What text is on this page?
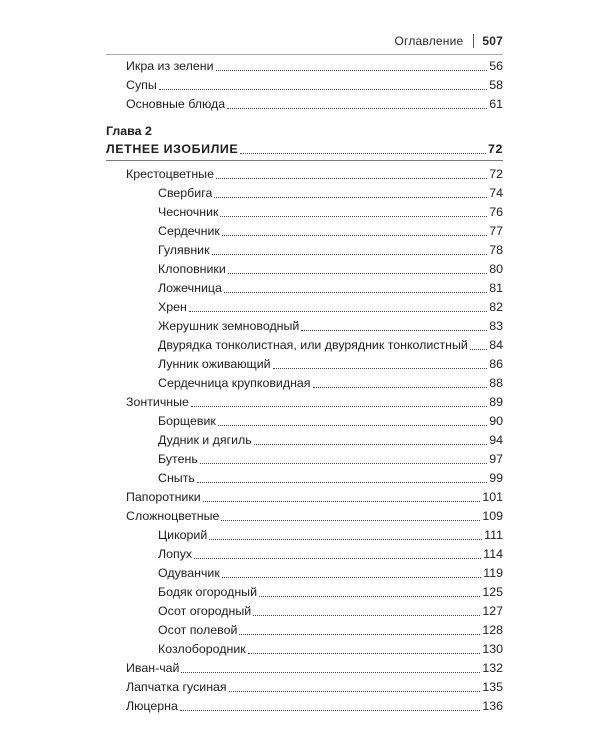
Оглавление 507
Икра из зелени	56
Супы	58
Основные блюда	61
Глава 2
ЛЕТНЕЕ ИЗОБИЛИЕ	72
Крестоцветные	72
Свербига	74
Чесночник	76
Сердечник	77
Гулявник	78
Клоповники	80
Ложечница	81
Хрен	82
Жерушник земноводный	83
Двурядка тонколистная, или двурядник тонколистный 84
Лунник оживающий	86
Сердечница крупковидная	88
Зонтичные	89
Борщевик	90
Дудник и дягиль	94
Бутень	97
Сныть	99
Папоротники	101
Сложноцветные	109
Цикорий	111
Лопух	114
Одуванчик	119
Бодяк огородный	125
Осот огородный	127
Осот полевой	128
Козлобородник	130
Иван-чай	132
Лапчатка гусиная	135
Люцерна	136
